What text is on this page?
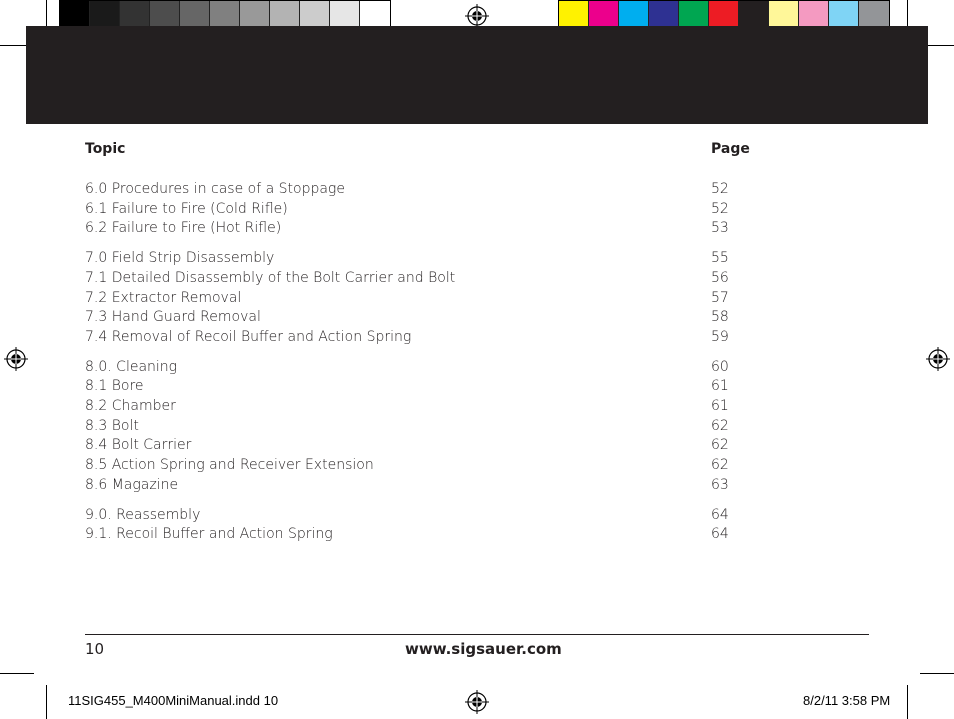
Topic	Page
6.0 Procedures in case of a Stoppage	52
6.1 Failure to Fire (Cold Rifle)	52
6.2 Failure to Fire (Hot Rifle)	53
7.0 Field Strip Disassembly	55
7.1 Detailed Disassembly of the Bolt Carrier and Bolt	56
7.2 Extractor Removal	57
7.3 Hand Guard Removal	58
7.4 Removal of Recoil Buffer and Action Spring	59
8.0. Cleaning	60
8.1 Bore	61
8.2 Chamber	61
8.3 Bolt	62
8.4 Bolt Carrier	62
8.5 Action Spring and Receiver Extension	62
8.6 Magazine	63
9.0. Reassembly	64
9.1. Recoil Buffer and Action Spring	64
10	www.sigsauer.com
11SIG455_M400MiniManual.indd 10	8/2/11 3:58 PM
